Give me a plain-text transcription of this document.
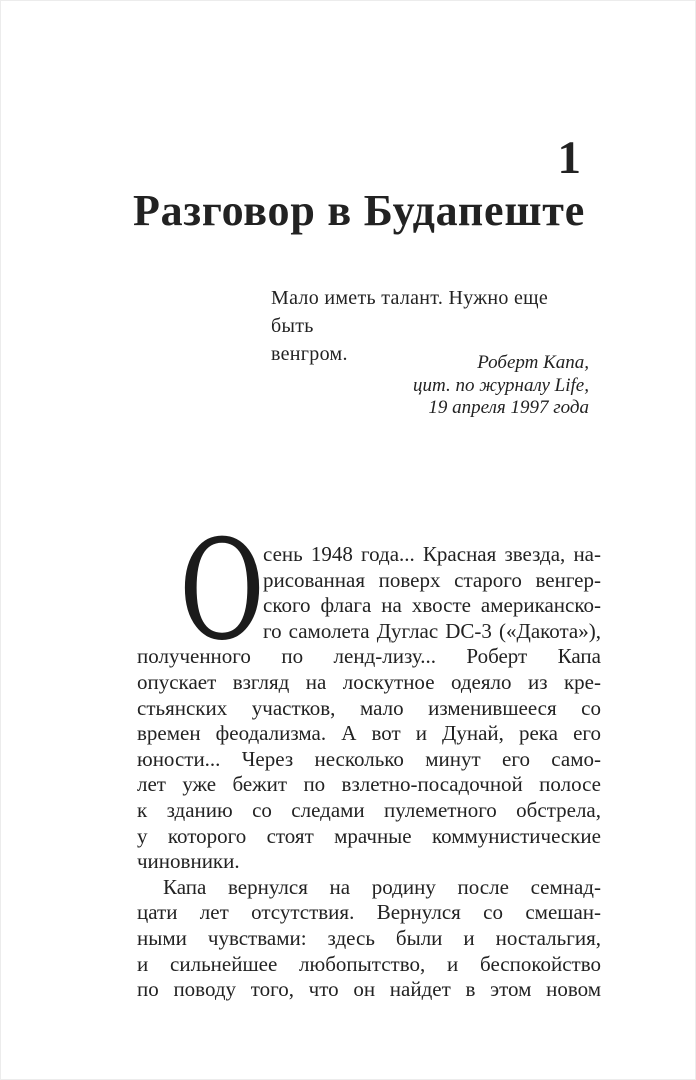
1
Разговор в Будапеште
Мало иметь талант. Нужно еще быть
венгром.	Роберт Капа,
цит. по журналу Life,
19 апреля 1997 года
О
сень 1948 года... Красная звезда, на-
рисованная поверх старого венгер-
ского флага на хвосте американско-
го самолета Дуглас DC-3 («Дакота»),
полученного по ленд-лизу... Роберт Капа
опускает взгляд на лоскутное одеяло из кре-
стьянских участков, мало изменившееся со
времен феодализма. А вот и Дунай, река его
юности... Через несколько минут его само-
лет уже бежит по взлетно-посадочной полосе
к зданию со следами пулеметного обстрела,
у которого стоят мрачные коммунистические
чиновники.
Капа вернулся на родину после семнад-
цати лет отсутствия. Вернулся со смешан-
ными чувствами: здесь были и ностальгия,
и сильнейшее любопытство, и беспокойство
по поводу того, что он найдет в этом новом
